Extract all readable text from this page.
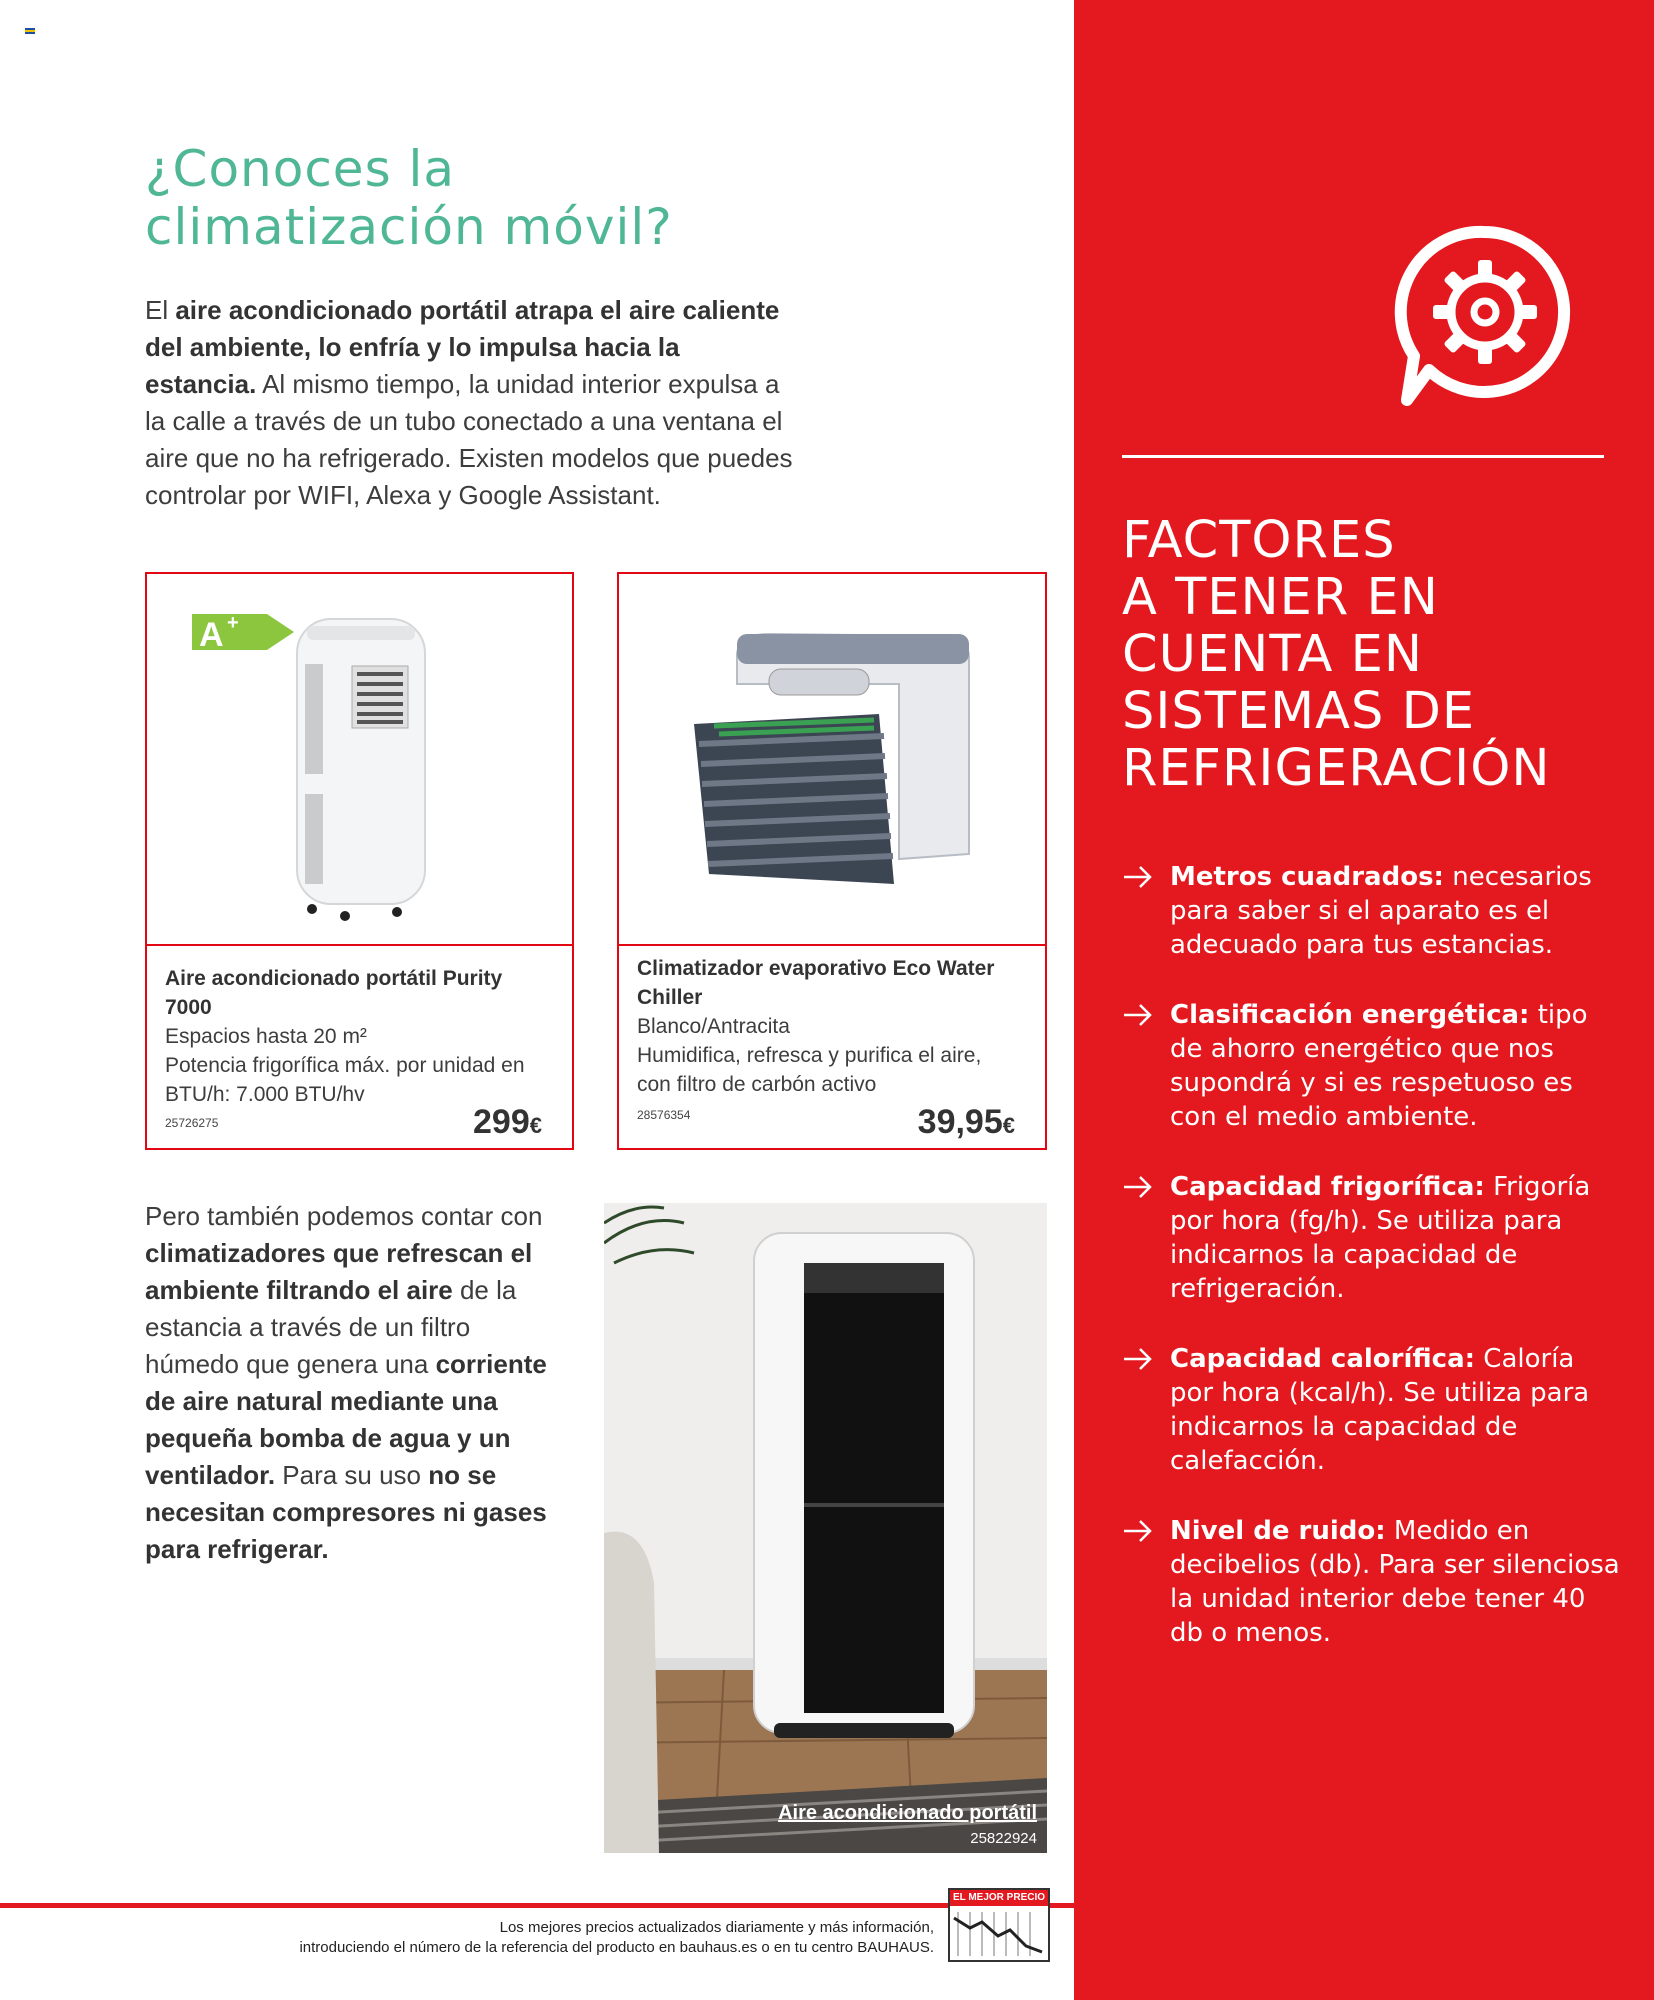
¿Conoces la
climatización móvil?

El aire acondicionado portátil atrapa el aire caliente del ambiente, lo enfría y lo impulsa hacia la estancia. Al mismo tiempo, la unidad interior expulsa a la calle a través de un tubo conectado a una ventana el aire que no ha refrigerado. Existen modelos que puedes controlar por WIFI, Alexa y Google Assistant.

A +
Aire acondicionado portátil Purity 7000
Espacios hasta 20 m²
Potencia frigorífica máx. por unidad en BTU/h: 7.000 BTU/hv
25726275	299€
Climatizador evaporativo Eco Water Chiller
Blanco/Antracita
Humidifica, refresca y purifica el aire, con filtro de carbón activo
28576354	39,95€

Pero también podemos contar con climatizadores que refrescan el ambiente filtrando el aire de la estancia a través de un filtro húmedo que genera una corriente de aire natural mediante una pequeña bomba de agua y un ventilador. Para su uso no se necesitan compresores ni gases para refrigerar.

Aire acondicionado portátil
25822924
FACTORES
A TENER EN
CUENTA EN
SISTEMAS DE
REFRIGERACIÓN
Metros cuadrados: necesarios para saber si el aparato es el adecuado para tus estancias.
Clasificación energética: tipo de ahorro energético que nos supondrá y si es respetuoso es con el medio ambiente.
Capacidad frigorífica: Frigoría por hora (fg/h). Se utiliza para indicarnos la capacidad de refrigeración.
Capacidad calorífica: Caloría por hora (kcal/h). Se utiliza para indicarnos la capacidad de calefacción.
Nivel de ruido: Medido en decibelios (db). Para ser silenciosa la unidad interior debe tener 40 db o menos.
Los mejores precios actualizados diariamente y más información,
introduciendo el número de la referencia del producto en bauhaus.es o en tu centro BAUHAUS.
EL MEJOR PRECIO
